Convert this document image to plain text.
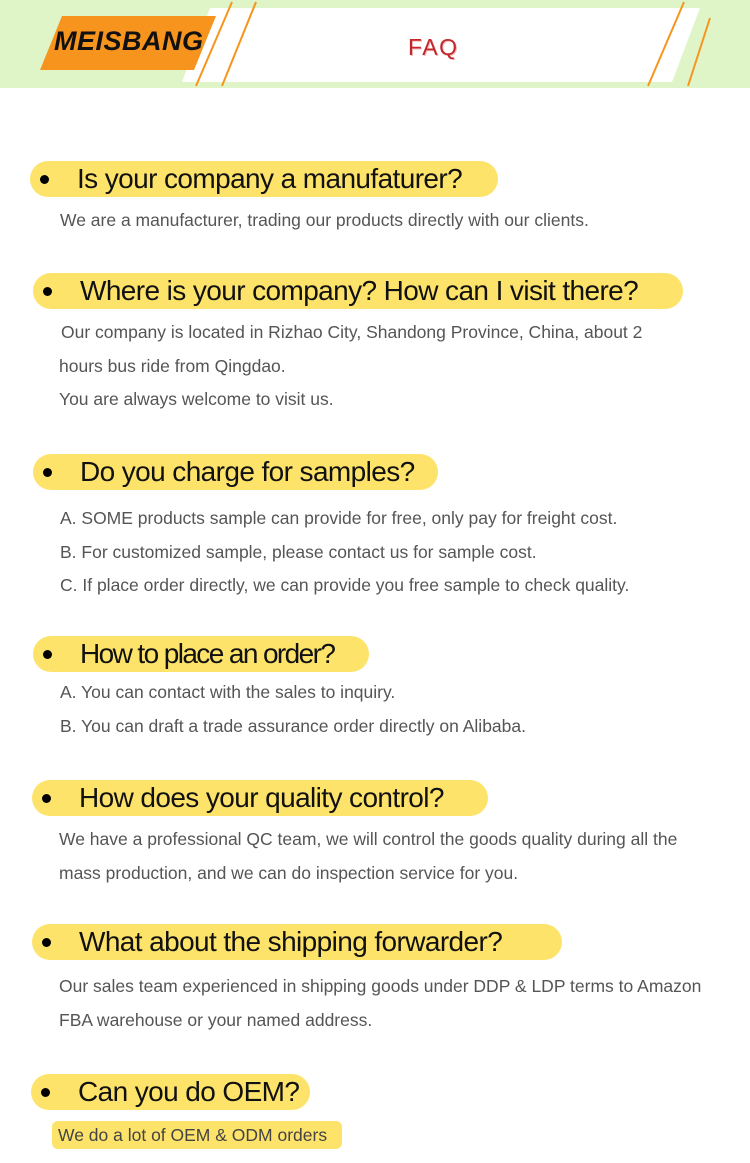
MEISBANG	FAQ
Is your company a manufaturer?
We are a manufacturer, trading our products directly with our clients.
Where is your company? How can I visit there?
Our company is located in Rizhao City, Shandong Province, China, about 2
hours bus ride from Qingdao.
You are always welcome to visit us.
Do you charge for samples?
A. SOME products sample can provide for free, only pay for freight cost.
B. For customized sample, please contact us for sample cost.
C. If place order directly, we can provide you free sample to check quality.
How to place an order?
A. You can contact with the sales to inquiry.
B. You can draft a trade assurance order directly on Alibaba.
How does your quality control?
We have a professional QC team, we will control the goods quality during all the
mass production, and we can do inspection service for you.
What about the shipping forwarder?
Our sales team experienced in shipping goods under DDP & LDP terms to Amazon
FBA warehouse or your named address.
Can you do OEM?
We do a lot of OEM & ODM orders
